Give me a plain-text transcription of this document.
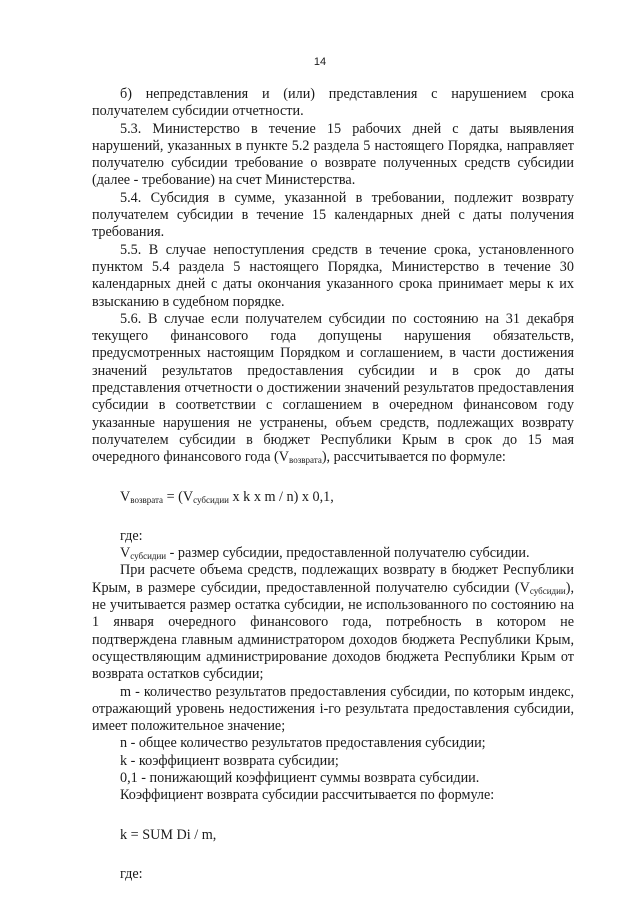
14

б) непредставления и (или) представления с нарушением срока получателем субсидии отчетности.

5.3. Министерство в течение 15 рабочих дней с даты выявления нарушений, указанных в пункте 5.2 раздела 5 настоящего Порядка, направляет получателю субсидии требование о возврате полученных средств субсидии (далее - требование) на счет Министерства.

5.4. Субсидия в сумме, указанной в требовании, подлежит возврату получателем субсидии в течение 15 календарных дней с даты получения требования.

5.5. В случае непоступления средств в течение срока, установленного пунктом 5.4 раздела 5 настоящего Порядка, Министерство в течение 30 календарных дней с даты окончания указанного срока принимает меры к их взысканию в судебном порядке.

5.6. В случае если получателем субсидии по состоянию на 31 декабря текущего финансового года допущены нарушения обязательств, предусмотренных настоящим Порядком и соглашением, в части достижения значений результатов предоставления субсидии и в срок до даты представления отчетности о достижении значений результатов предоставления субсидии в соответствии с соглашением в очередном финансовом году указанные нарушения не устранены, объем средств, подлежащих возврату получателем субсидии в бюджет Республики Крым в срок до 15 мая очередного финансового года $(V_{возврата})$, рассчитывается по формуле:

$V_{возврата} = (V_{субсидии}$ x k x m / n) x 0,1,

где:

$V_{субсидии}$ - размер субсидии, предоставленной получателю субсидии.

При расчете объема средств, подлежащих возврату в бюджет Республики Крым, в размере субсидии, предоставленной получателю субсидии $(V_{субсидии})$, не учитывается размер остатка субсидии, не использованного по состоянию на 1 января очередного финансового года, потребность в котором не подтверждена главным администратором доходов бюджета Республики Крым, осуществляющим администрирование доходов бюджета Республики Крым от возврата остатков субсидии;

m - количество результатов предоставления субсидии, по которым индекс, отражающий уровень недостижения i-го результата предоставления субсидии, имеет положительное значение;

n - общее количество результатов предоставления субсидии;

k - коэффициент возврата субсидии;

0,1 - понижающий коэффициент суммы возврата субсидии.

Коэффициент возврата субсидии рассчитывается по формуле:

k = SUM Di / m,

где:
